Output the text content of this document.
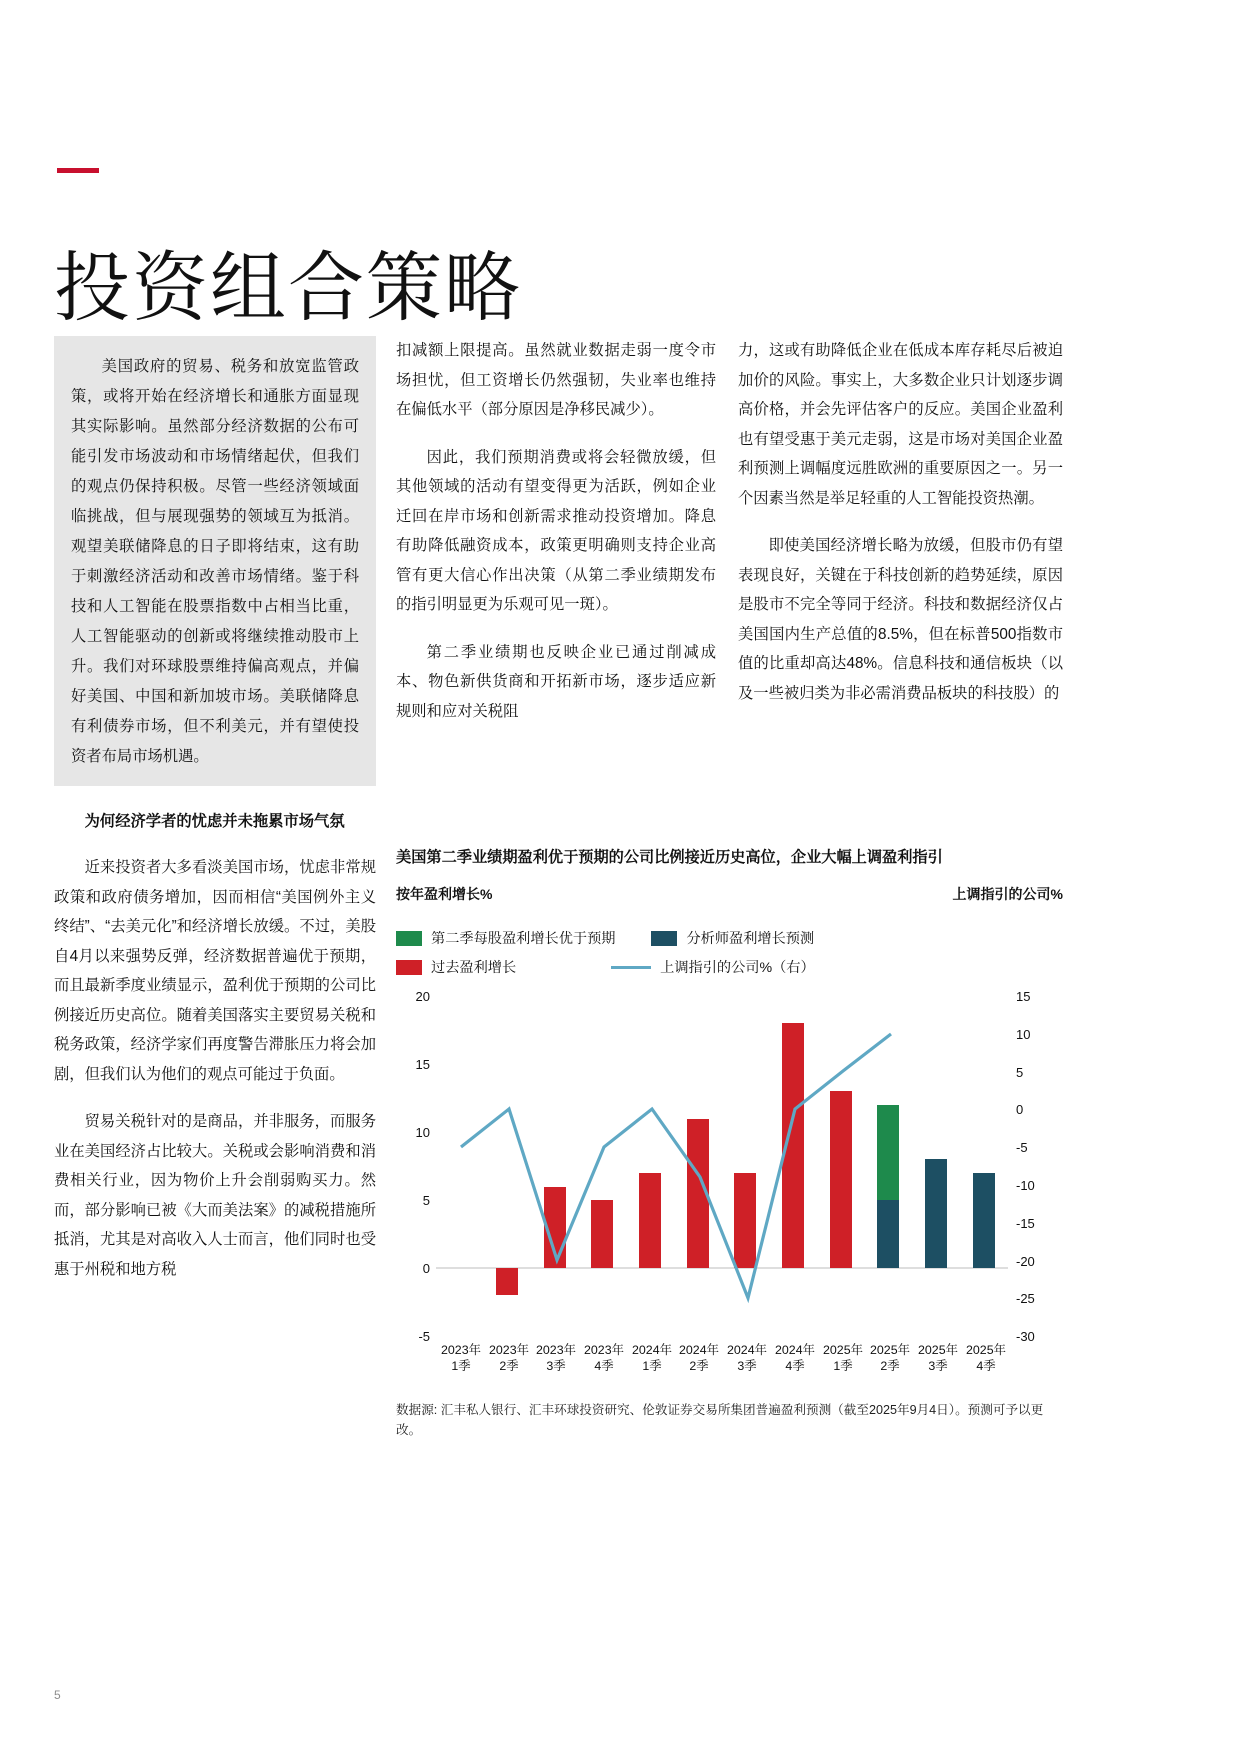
投资组合策略

美国政府的贸易、税务和放宽监管政策，或将开始在经济增长和通胀方面显现其实际影响。虽然部分经济数据的公布可能引发市场波动和市场情绪起伏，但我们的观点仍保持积极。尽管一些经济领域面临挑战，但与展现强势的领域互为抵消。观望美联储降息的日子即将结束，这有助于刺激经济活动和改善市场情绪。鉴于科技和人工智能在股票指数中占相当比重，人工智能驱动的创新或将继续推动股市上升。我们对环球股票维持偏高观点，并偏好美国、中国和新加坡市场。美联储降息有利债券市场，但不利美元，并有望使投资者布局市场机遇。

为何经济学者的忧虑并未拖累市场气氛

近来投资者大多看淡美国市场，忧虑非常规政策和政府债务增加，因而相信“美国例外主义终结”、“去美元化”和经济增长放缓。不过，美股自4月以来强势反弹，经济数据普遍优于预期，而且最新季度业绩显示，盈利优于预期的公司比例接近历史高位。随着美国落实主要贸易关税和税务政策，经济学家们再度警告滞胀压力将会加剧，但我们认为他们的观点可能过于负面。

贸易关税针对的是商品，并非服务，而服务业在美国经济占比较大。关税或会影响消费和消费相关行业，因为物价上升会削弱购买力。然而，部分影响已被《大而美法案》的减税措施所抵消，尤其是对高收入人士而言，他们同时也受惠于州税和地方税

扣减额上限提高。虽然就业数据走弱一度令市场担忧，但工资增长仍然强韧，失业率也维持在偏低水平（部分原因是净移民减少）。

因此，我们预期消费或将会轻微放缓，但其他领域的活动有望变得更为活跃，例如企业迁回在岸市场和创新需求推动投资增加。降息有助降低融资成本，政策更明确则支持企业高管有更大信心作出决策（从第二季业绩期发布的指引明显更为乐观可见一斑）。

第二季业绩期也反映企业已通过削减成本、物色新供货商和开拓新市场，逐步适应新规则和应对关税阻

力，这或有助降低企业在低成本库存耗尽后被迫加价的风险。事实上，大多数企业只计划逐步调高价格，并会先评估客户的反应。美国企业盈利也有望受惠于美元走弱，这是市场对美国企业盈利预测上调幅度远胜欧洲的重要原因之一。另一个因素当然是举足轻重的人工智能投资热潮。

即使美国经济增长略为放缓，但股市仍有望表现良好，关键在于科技创新的趋势延续，原因是股市不完全等同于经济。科技和数据经济仅占美国国内生产总值的8.5%，但在标普500指数市值的比重却高达48%。信息科技和通信板块（以及一些被归类为非必需消费品板块的科技股）的

美国第二季业绩期盈利优于预期的公司比例接近历史高位，企业大幅上调盈利指引
按年盈利增长%	上调指引的公司%
第二季每股盈利增长优于预期	分析师盈利增长预测
过去盈利增长	上调指引的公司%（右）
20
15
10
5
0
-5
15
10
5
0
-5
-10
-15
-20
-25
-30
2023年
1季
2023年
2季
2023年
3季
2023年
4季
2024年
1季
2024年
2季
2024年
3季
2024年
4季
2025年
1季
2025年
2季
2025年
3季
2025年
4季
数据源: 汇丰私人银行、汇丰环球投资研究、伦敦证券交易所集团普遍盈利预测（截至2025年9月4日）。预测可予以更改。
5
